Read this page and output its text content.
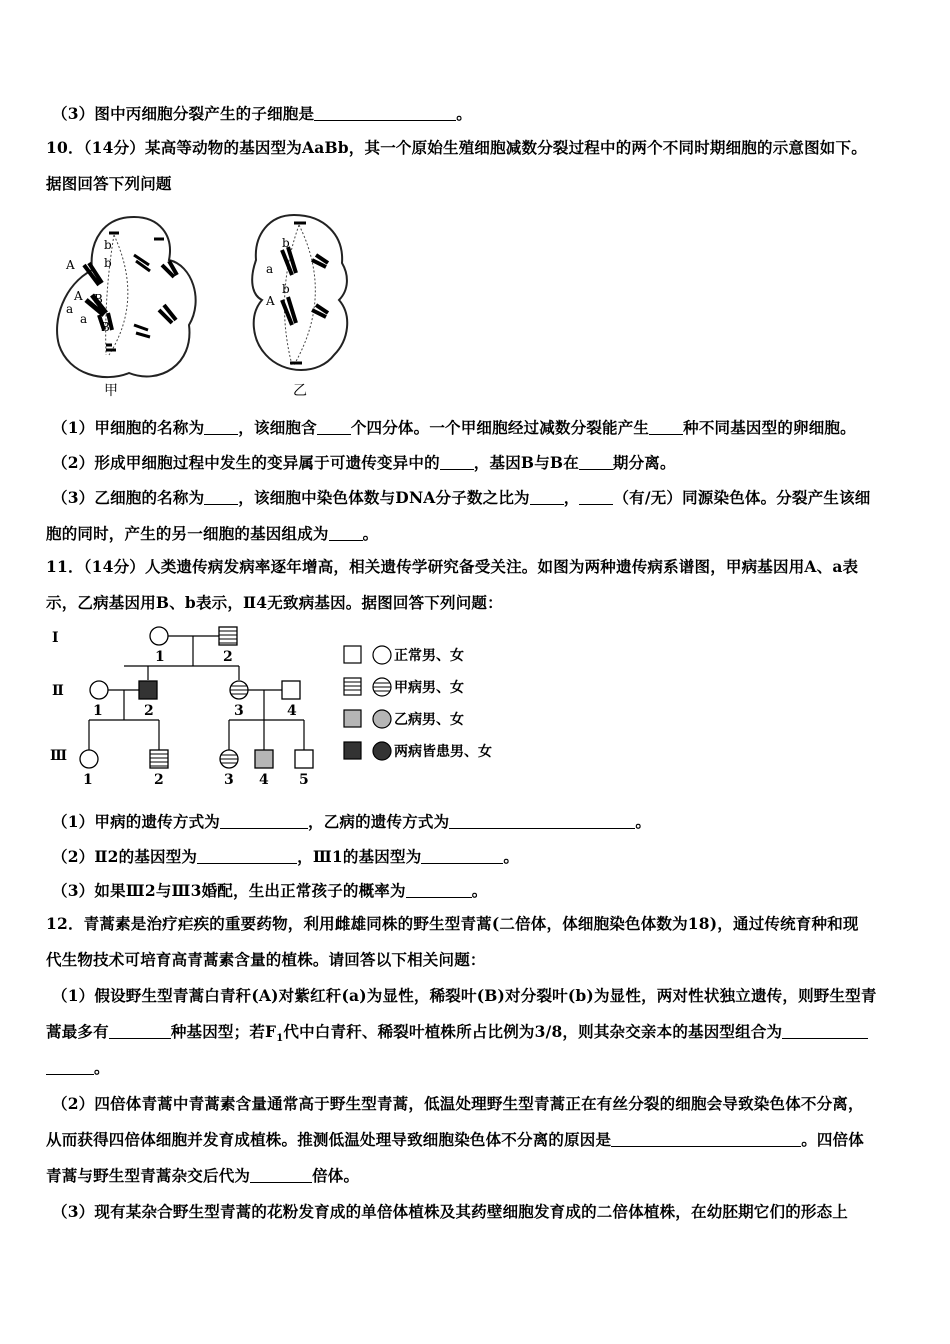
（3）图中丙细胞分裂产生的子细胞是	。
10．（14分）某高等动物的基因型为AaBb，其一个原始生殖细胞减数分裂过程中的两个不同时期细胞的示意图如下。
据图回答下列问题
A
b
b
A B
a
B
a
甲
a
b
A
b
乙
（1）甲细胞的名称为 ，该细胞含 个四分体。一个甲细胞经过减数分裂能产生 种不同基因型的卵细胞。
（2）形成甲细胞过程中发生的变异属于可遗传变异中的 ，基因B与B在 期分离。
（3）乙细胞的名称为 ，该细胞中染色体数与DNA分子数之比为 ， （有/无）同源染色体。分裂产生该细
胞的同时，产生的另一细胞的基因组成为 。
11．（14分）人类遗传病发病率逐年增高，相关遗传学研究备受关注。如图为两种遗传病系谱图，甲病基因用A、a表
示，乙病基因用B、b表示，Ⅱ4无致病基因。据图回答下列问题：
Ⅰ
Ⅱ
Ⅲ
1	2
1	2	3	4
1	2	3 4 5
正常男、女
甲病男、女
乙病男、女
两病皆患男、女
（1）甲病的遗传方式为	，乙病的遗传方式为	。
（2）Ⅱ2的基因型为	，Ⅲ1的基因型为	。
（3）如果Ⅲ2与Ⅲ3婚配，生出正常孩子的概率为	。
12．青蒿素是治疗疟疾的重要药物，利用雌雄同株的野生型青蒿(二倍体，体细胞染色体数为18)，通过传统育种和现
代生物技术可培育高青蒿素含量的植株。请回答以下相关问题：
（1）假设野生型青蒿白青秆(A)对紫红秆(a)为显性，稀裂叶(B)对分裂叶(b)为显性，两对性状独立遗传，则野生型青
蒿最多有	种基因型；若$F_1$代中白青秆、稀裂叶植株所占比例为3/8，则其杂交亲本的基因型组合为
。
（2）四倍体青蒿中青蒿素含量通常高于野生型青蒿，低温处理野生型青蒿正在有丝分裂的细胞会导致染色体不分离，
从而获得四倍体细胞并发育成植株。推测低温处理导致细胞染色体不分离的原因是	。四倍体
青蒿与野生型青蒿杂交后代为	倍体。
（3）现有某杂合野生型青蒿的花粉发育成的单倍体植株及其药壁细胞发育成的二倍体植株，在幼胚期它们的形态上
